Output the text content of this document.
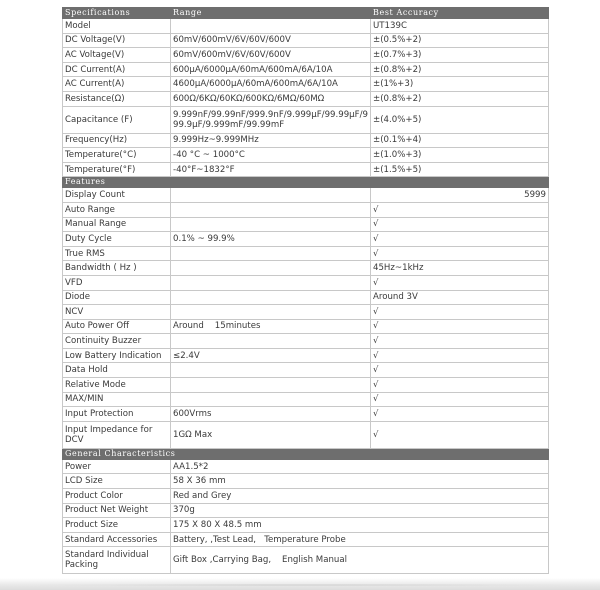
Specifications	Range	Best Accuracy
Model		UT139C
DC Voltage(V)	60mV/600mV/6V/60V/600V	±(0.5%+2)
AC Voltage(V)	60mV/600mV/6V/60V/600V	±(0.7%+3)
DC Current(A)	600μA/6000μA/60mA/600mA/6A/10A	±(0.8%+2)
AC Current(A)	4600μA/6000μA/60mA/600mA/6A/10A	±(1%+3)
Resistance(Ω)	600Ω/6KΩ/60KΩ/600KΩ/6MΩ/60MΩ	±(0.8%+2)
Capacitance (F)	9.999nF/99.99nF/999.9nF/9.999μF/99.99μF/999.9μF/9.999mF/99.99mF	±(4.0%+5)
Frequency(Hz)	9.999Hz~9.999MHz	±(0.1%+4)
Temperature(°C)	-40 °C ~ 1000°C	±(1.0%+3)
Temperature(°F)	-40°F~1832°F	±(1.5%+5)
Features		
Display Count		5999
Auto Range		√
Manual Range		√
Duty Cycle	0.1% ~ 99.9%	√
True RMS		√
Bandwidth ( Hz )		45Hz~1kHz
VFD		√
Diode		Around 3V
NCV		√
Auto Power Off	Around    15minutes	√
Continuity Buzzer		√
Low Battery Indication	≤2.4V	√
Data Hold		√
Relative Mode		√
MAX/MIN		√
Input Protection	600Vrms	√
Input Impedance for DCV	1GΩ Max	√
General Characteristics		
Power	AA1.5*2	
LCD Size	58 X 36 mm	
Product Color	Red and Grey	
Product Net Weight	370g	
Product Size	175 X 80 X 48.5 mm	
Standard Accessories	Battery, ,Test Lead,   Temperature Probe	
Standard Individual Packing	Gift Box ,Carrying Bag,    English Manual	
